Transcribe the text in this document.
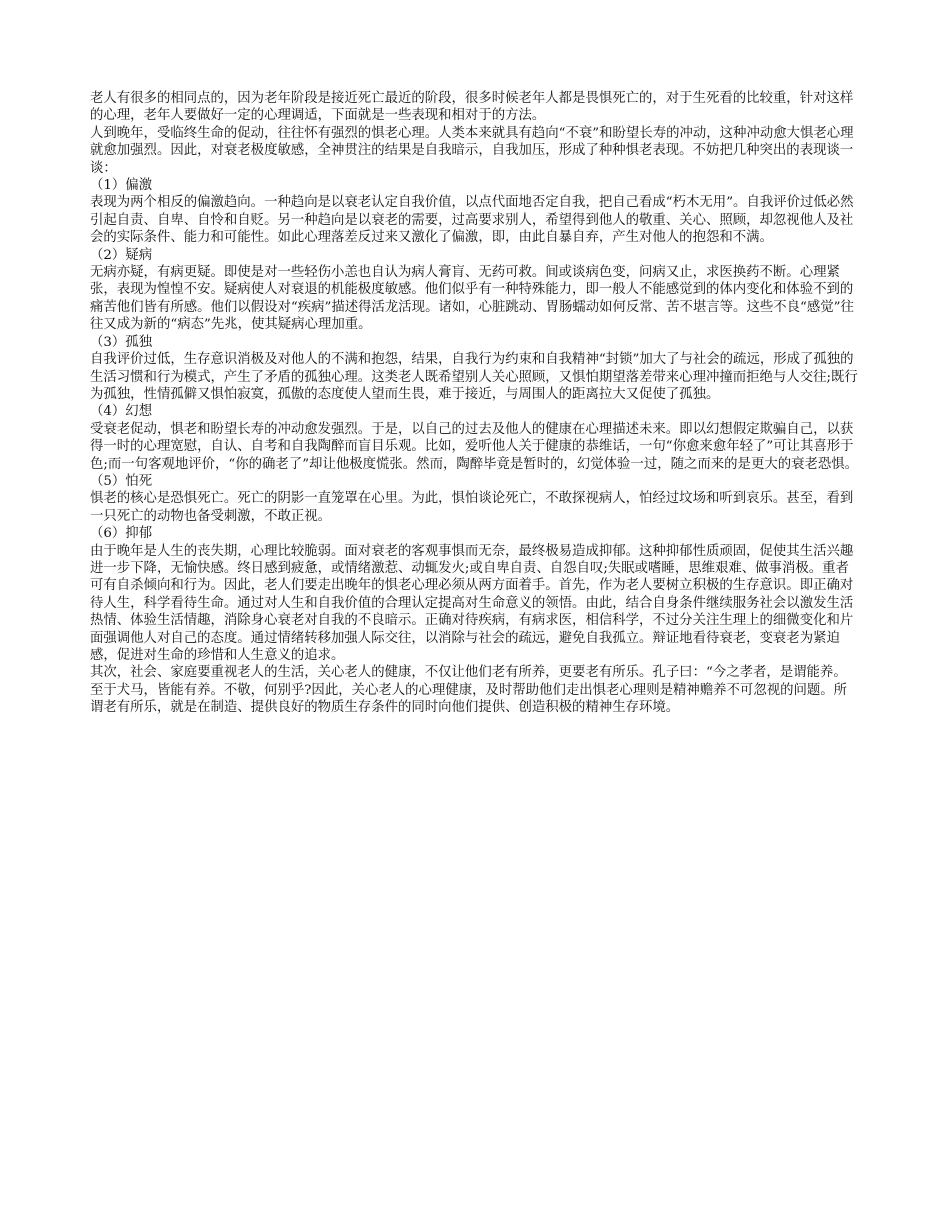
老人有很多的相同点的，因为老年阶段是接近死亡最近的阶段，很多时候老年人都是畏惧死亡的，对于生死看的比较重，针对这样的心理，老年人要做好一定的心理调适，下面就是一些表现和相对于的方法。

人到晚年，受临终生命的促动，往往怀有强烈的惧老心理。人类本来就具有趋向“不衰”和盼望长寿的冲动，这种冲动愈大惧老心理就愈加强烈。因此，对衰老极度敏感，全神贯注的结果是自我暗示，自我加压，形成了种种惧老表现。不妨把几种突出的表现谈一谈：

（1）偏激

表现为两个相反的偏激趋向。一种趋向是以衰老认定自我价值，以点代面地否定自我，把自己看成“朽木无用”。自我评价过低必然引起自责、自卑、自怜和自贬。另一种趋向是以衰老的需要，过高要求别人，希望得到他人的敬重、关心、照顾，却忽视他人及社会的实际条件、能力和可能性。如此心理落差反过来又激化了偏激，即，由此自暴自弃，产生对他人的抱怨和不满。

（2）疑病

无病亦疑，有病更疑。即使是对一些轻伤小恙也自认为病人膏肓、无药可救。间或谈病色变，问病又止，求医换药不断。心理紧张，表现为惶惶不安。疑病使人对衰退的机能极度敏感。他们似乎有一种特殊能力，即一般人不能感觉到的体内变化和体验不到的痛苦他们皆有所感。他们以假设对“疾病”描述得活龙活现。诸如，心脏跳动、胃肠蠕动如何反常、苦不堪言等。这些不良“感觉”往往又成为新的“病态”先兆，使其疑病心理加重。

（3）孤独

自我评价过低，生存意识消极及对他人的不满和抱怨，结果，自我行为约束和自我精神“封锁”加大了与社会的疏远，形成了孤独的生活习惯和行为模式，产生了矛盾的孤独心理。这类老人既希望别人关心照顾，又惧怕期望落差带来心理冲撞而拒绝与人交往;既行为孤独，性情孤僻又惧怕寂寞，孤傲的态度使人望而生畏，难于接近，与周围人的距离拉大又促使了孤独。

（4）幻想

受衰老促动，惧老和盼望长寿的冲动愈发强烈。于是，以自己的过去及他人的健康在心理描述未来。即以幻想假定欺骗自己，以获得一时的心理宽慰，自认、自考和自我陶醉而盲目乐观。比如，爱听他人关于健康的恭维话，一句“你愈来愈年轻了”可让其喜形于色;而一句客观地评价，“你的确老了”却让他极度慌张。然而，陶醉毕竟是暂时的，幻觉体验一过，随之而来的是更大的衰老恐惧。

（5）怕死

惧老的核心是恐惧死亡。死亡的阴影一直笼罩在心里。为此，惧怕谈论死亡，不敢探视病人，怕经过坟场和听到哀乐。甚至，看到一只死亡的动物也备受刺激，不敢正视。

（6）抑郁

由于晚年是人生的丧失期，心理比较脆弱。面对衰老的客观事惧而无奈，最终极易造成抑郁。这种抑郁性质顽固，促使其生活兴趣进一步下降，无愉快感。终日感到疲惫，或情绪激惹、动辄发火;或自卑自责、自怨自叹;失眠或嗜睡，思维艰难、做事消极。重者可有自杀倾向和行为。因此，老人们要走出晚年的惧老心理必须从两方面着手。首先，作为老人要树立积极的生存意识。即正确对待人生，科学看待生命。通过对人生和自我价值的合理认定提高对生命意义的领悟。由此，结合自身条件继续服务社会以激发生活热情、体验生活情趣，消除身心衰老对自我的不良暗示。正确对待疾病，有病求医，相信科学，不过分关注生理上的细微变化和片面强调他人对自己的态度。通过情绪转移加强人际交往，以消除与社会的疏远，避免自我孤立。辩证地看待衰老，变衰老为紧迫感，促进对生命的珍惜和人生意义的追求。

其次，社会、家庭要重视老人的生活，关心老人的健康，不仅让他们老有所养，更要老有所乐。孔子曰：“今之孝者，是谓能养。至于犬马，皆能有养。不敬，何别乎?因此，关心老人的心理健康，及时帮助他们走出惧老心理则是精神赡养不可忽视的问题。所谓老有所乐，就是在制造、提供良好的物质生存条件的同时向他们提供、创造积极的精神生存环境。
